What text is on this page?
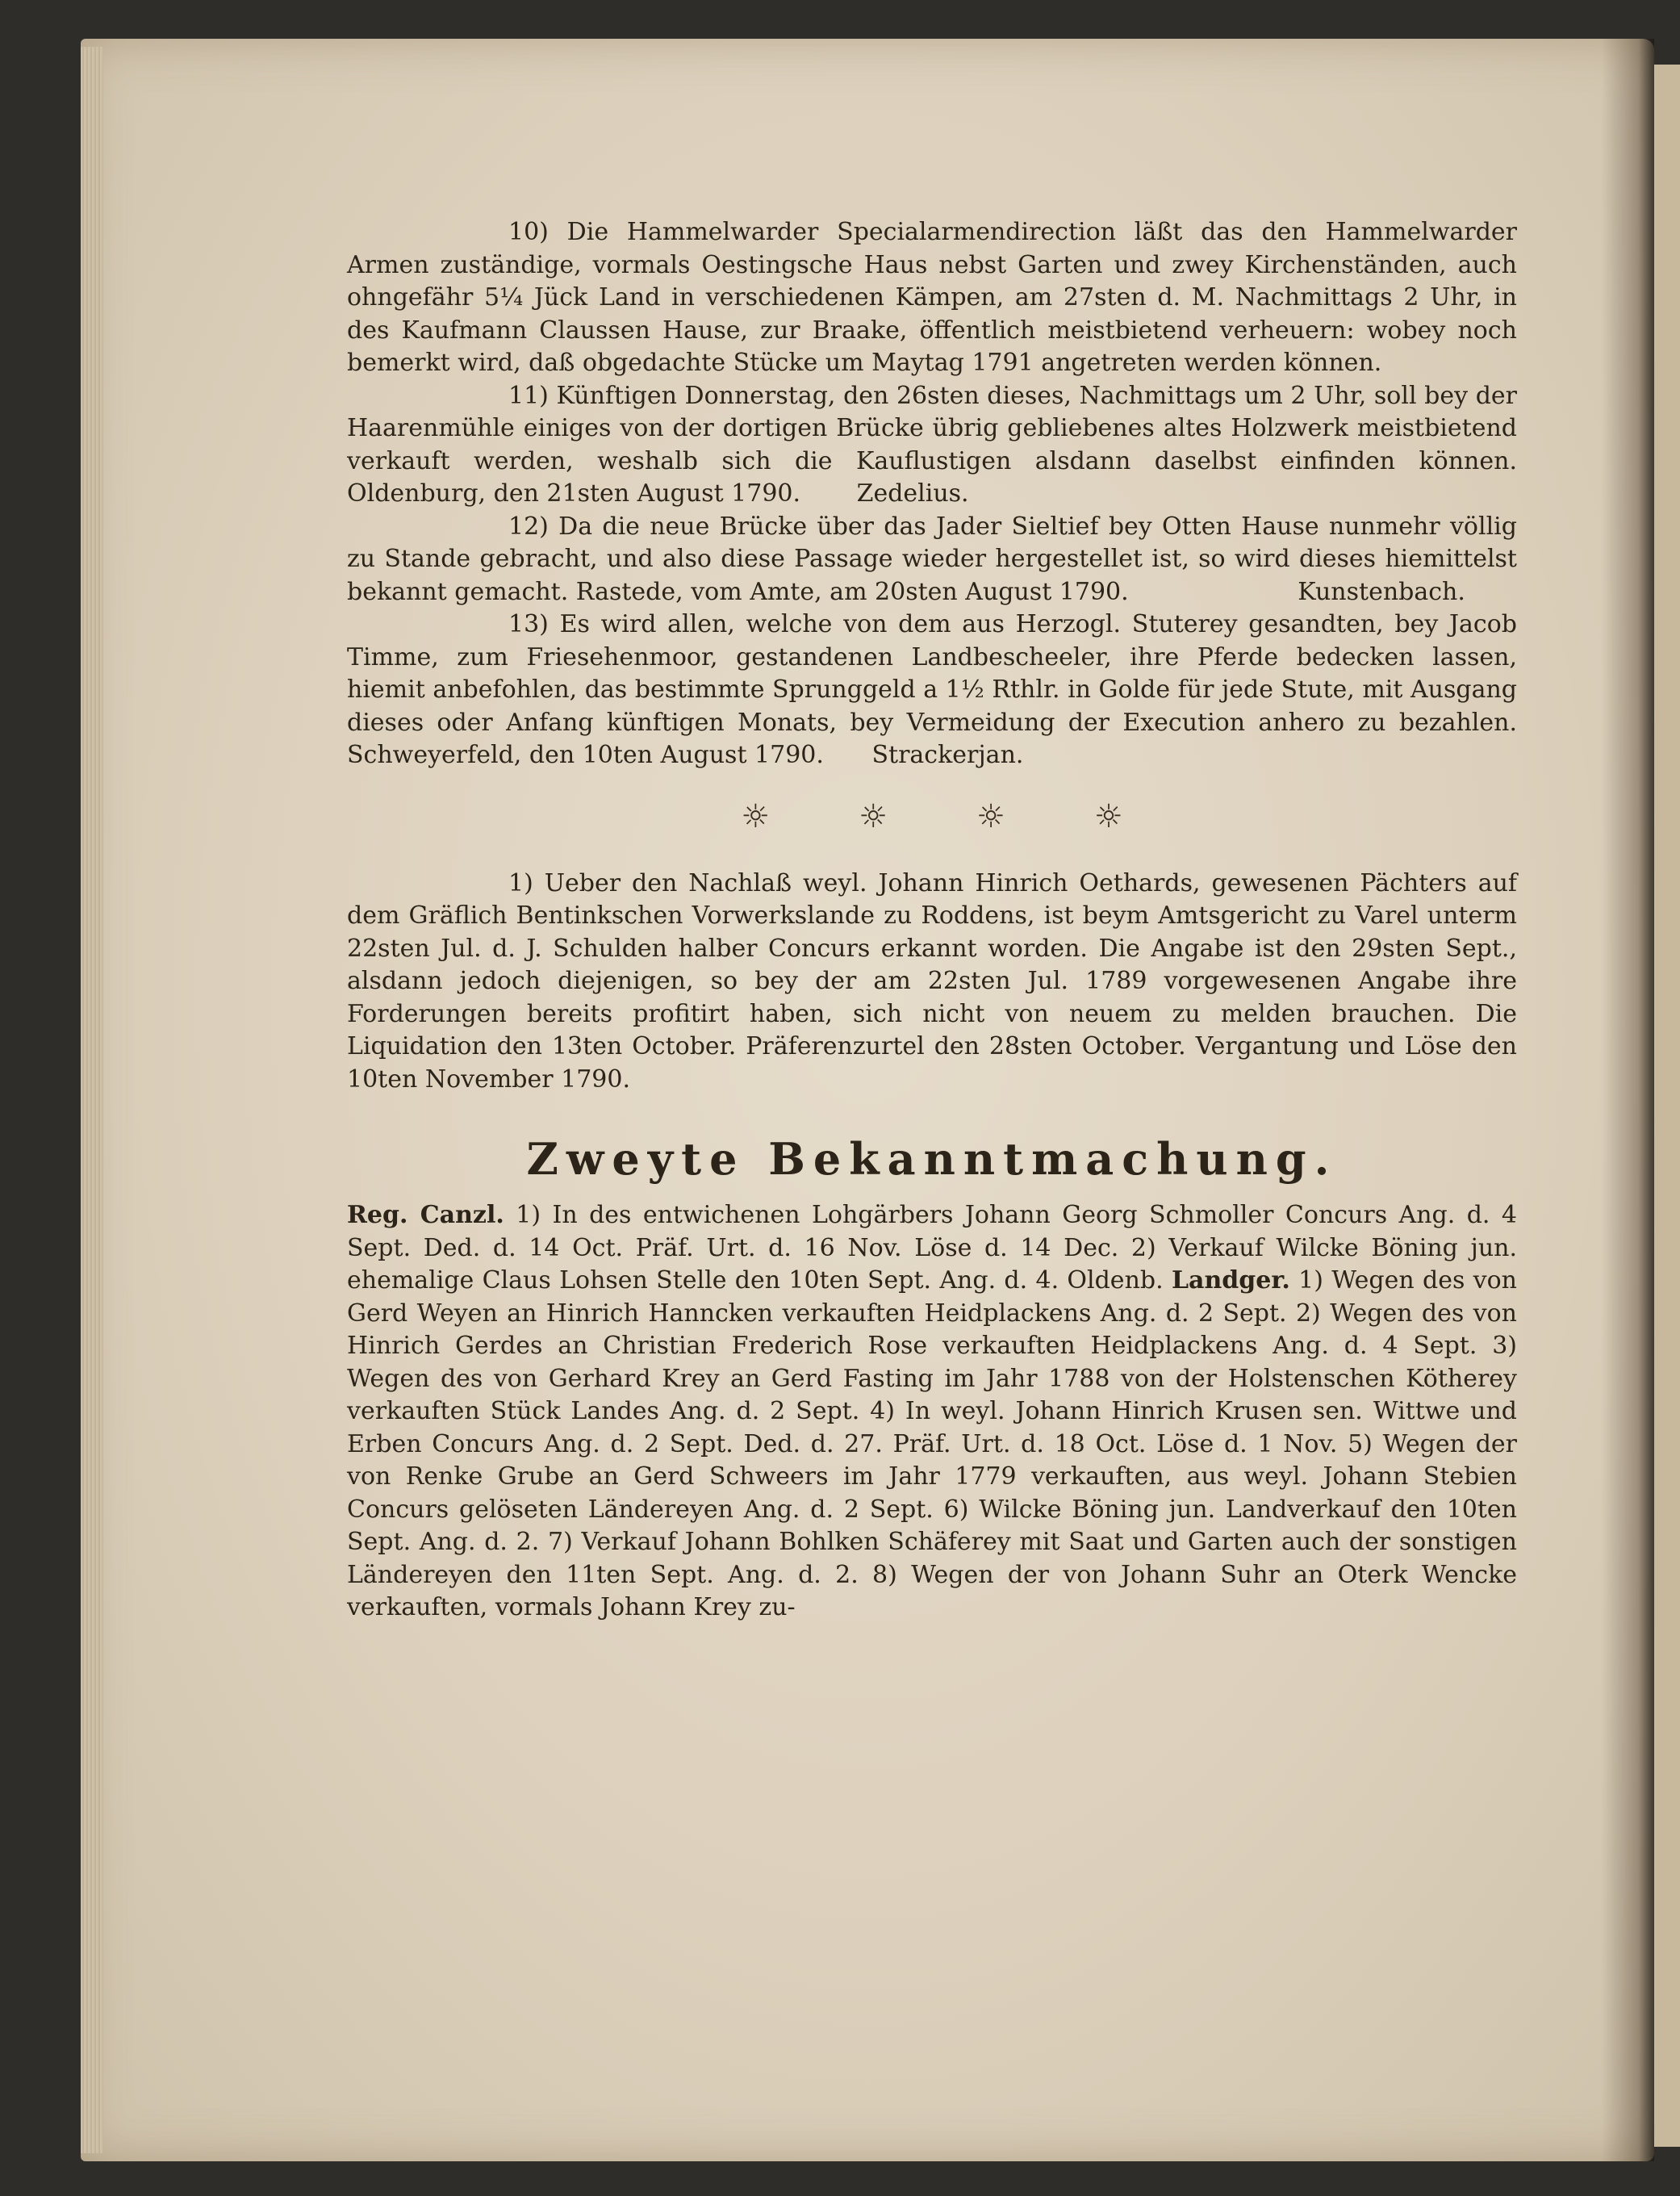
10) Die Hammelwarder Specialarmendirection läßt das den Hammelwarder Armen zuständige, vormals Oestingsche Haus nebst Garten und zwey Kirchenständen, auch ohngefähr 5¼ Jück Land in verschiedenen Kämpen, am 27sten d. M. Nachmittags 2 Uhr, in des Kaufmann Claussen Hause, zur Braake, öffentlich meistbietend verheuern: wobey noch bemerkt wird, daß obgedachte Stücke um Maytag 1791 angetreten werden können.

11) Künftigen Donnerstag, den 26sten dieses, Nachmittags um 2 Uhr, soll bey der Haarenmühle einiges von der dortigen Brücke übrig gebliebenes altes Holzwerk meistbietend verkauft werden, weshalb sich die Kauflustigen alsdann daselbst einfinden können. Oldenburg, den 21sten August 1790. Zedelius.

12) Da die neue Brücke über das Jader Sieltief bey Otten Hause nunmehr völlig zu Stande gebracht, und also diese Passage wieder hergestellet ist, so wird dieses hiemittelst bekannt gemacht. Rastede, vom Amte, am 20sten August 1790.	Kunstenbach.

13) Es wird allen, welche von dem aus Herzogl. Stuterey gesandten, bey Jacob Timme, zum Friesehenmoor, gestandenen Landbescheeler, ihre Pferde bedecken lassen, hiemit anbefohlen, das bestimmte Sprunggeld a 1½ Rthlr. in Golde für jede Stute, mit Ausgang dieses oder Anfang künftigen Monats, bey Vermeidung der Execution anhero zu bezahlen. Schweyerfeld, den 10ten August 1790. Strackerjan.

☼	☼	☼	☼

1) Ueber den Nachlaß weyl. Johann Hinrich Oethards, gewesenen Pächters auf dem Gräflich Bentinkschen Vorwerkslande zu Roddens, ist beym Amtsgericht zu Varel unterm 22sten Jul. d. J. Schulden halber Concurs erkannt worden. Die Angabe ist den 29sten Sept., alsdann jedoch diejenigen, so bey der am 22sten Jul. 1789 vorgewesenen Angabe ihre Forderungen bereits profitirt haben, sich nicht von neuem zu melden brauchen. Die Liquidation den 13ten October. Präferenzurtel den 28sten October. Vergantung und Löse den 10ten November 1790.

Zweyte Bekanntmachung.

Reg. Canzl. 1) In des entwichenen Lohgärbers Johann Georg Schmoller Concurs Ang. d. 4 Sept. Ded. d. 14 Oct. Präf. Urt. d. 16 Nov. Löse d. 14 Dec. 2) Verkauf Wilcke Böning jun. ehemalige Claus Lohsen Stelle den 10ten Sept. Ang. d. 4. Oldenb. Landger. 1) Wegen des von Gerd Weyen an Hinrich Hanncken verkauften Heidplackens Ang. d. 2 Sept. 2) Wegen des von Hinrich Gerdes an Christian Frederich Rose verkauften Heidplackens Ang. d. 4 Sept. 3) Wegen des von Gerhard Krey an Gerd Fasting im Jahr 1788 von der Holstenschen Kötherey verkauften Stück Landes Ang. d. 2 Sept. 4) In weyl. Johann Hinrich Krusen sen. Wittwe und Erben Concurs Ang. d. 2 Sept. Ded. d. 27. Präf. Urt. d. 18 Oct. Löse d. 1 Nov. 5) Wegen der von Renke Grube an Gerd Schweers im Jahr 1779 verkauften, aus weyl. Johann Stebien Concurs gelöseten Ländereyen Ang. d. 2 Sept. 6) Wilcke Böning jun. Landverkauf den 10ten Sept. Ang. d. 2. 7) Verkauf Johann Bohlken Schäferey mit Saat und Garten auch der sonstigen Ländereyen den 11ten Sept. Ang. d. 2. 8) Wegen der von Johann Suhr an Oterk Wencke verkauften, vormals Johann Krey zu-
